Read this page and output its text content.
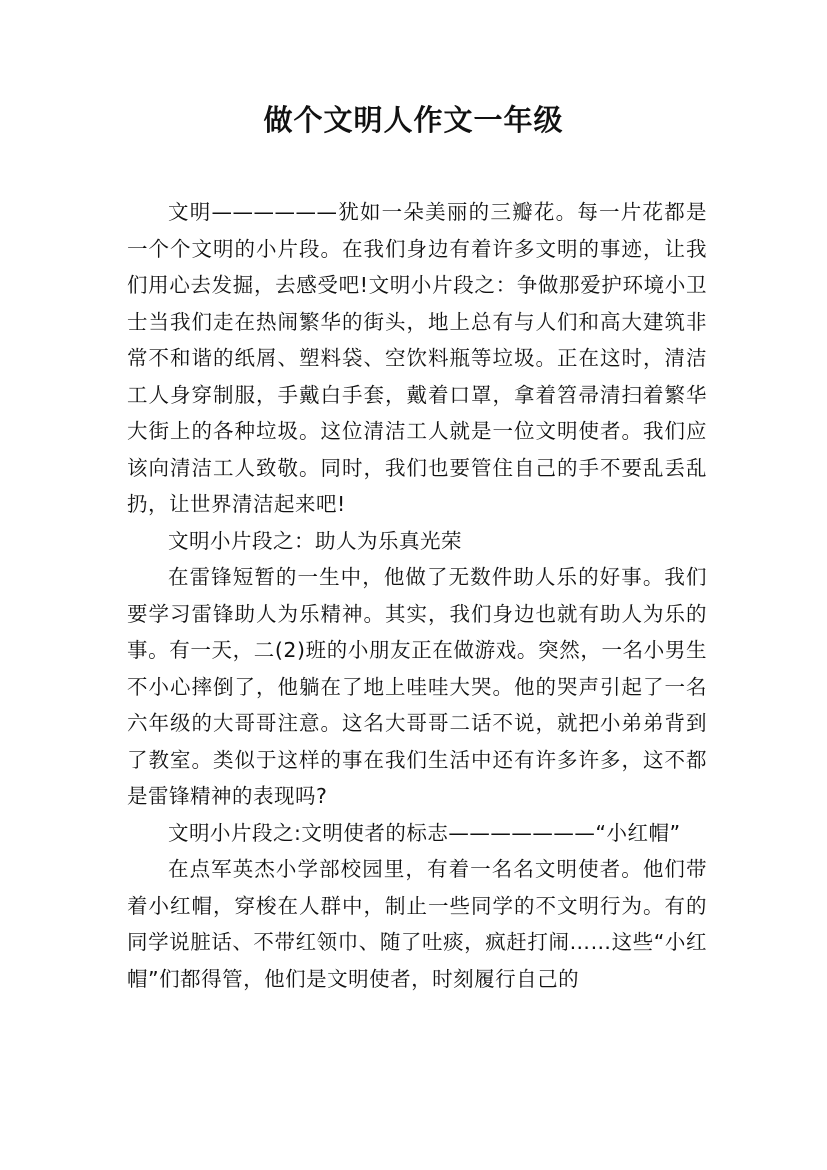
做个文明人作文一年级

文明——————犹如一朵美丽的三瓣花。每一片花都是一个个文明的小片段。在我们身边有着许多文明的事迹，让我们用心去发掘，去感受吧!文明小片段之：争做那爱护环境小卫士当我们走在热闹繁华的街头，地上总有与人们和高大建筑非常不和谐的纸屑、塑料袋、空饮料瓶等垃圾。正在这时，清洁工人身穿制服，手戴白手套，戴着口罩，拿着笤帚清扫着繁华大街上的各种垃圾。这位清洁工人就是一位文明使者。我们应该向清洁工人致敬。同时，我们也要管住自己的手不要乱丢乱扔，让世界清洁起来吧!

文明小片段之：助人为乐真光荣

在雷锋短暂的一生中，他做了无数件助人乐的好事。我们要学习雷锋助人为乐精神。其实，我们身边也就有助人为乐的事。有一天，二(2)班的小朋友正在做游戏。突然，一名小男生不小心摔倒了，他躺在了地上哇哇大哭。他的哭声引起了一名六年级的大哥哥注意。这名大哥哥二话不说，就把小弟弟背到了教室。类似于这样的事在我们生活中还有许多许多，这不都是雷锋精神的表现吗?

文明小片段之:文明使者的标志———————“小红帽”

在点军英杰小学部校园里，有着一名名文明使者。他们带着小红帽，穿梭在人群中，制止一些同学的不文明行为。有的同学说脏话、不带红领巾、随了吐痰，疯赶打闹……这些“小红帽”们都得管，他们是文明使者，时刻履行自己的
